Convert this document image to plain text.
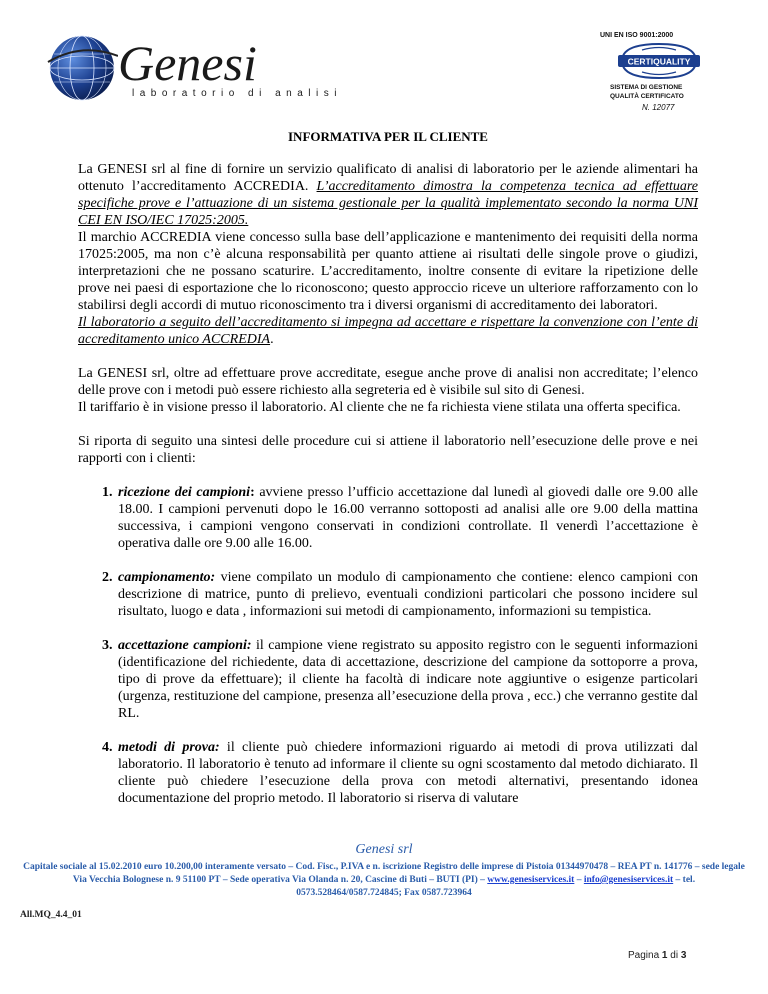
Genesi
laboratorio di analisi
UNI EN ISO 9001:2000
CERTIQUALITY
SISTEMA DI GESTIONE
QUALITÀ CERTIFICATO
N. 12077
INFORMATIVA PER IL CLIENTE

La GENESI srl al fine di fornire un servizio qualificato di analisi di laboratorio per le aziende alimentari ha ottenuto l’accreditamento ACCREDIA. L’accreditamento dimostra la competenza tecnica ad effettuare specifiche prove e l’attuazione di un sistema gestionale per la qualità implementato secondo la norma UNI CEI EN ISO/IEC 17025:2005.

Il marchio ACCREDIA viene concesso sulla base dell’applicazione e mantenimento dei requisiti della norma 17025:2005, ma non c’è alcuna responsabilità per quanto attiene ai risultati delle singole prove o giudizi, interpretazioni che ne possano scaturire. L’accreditamento, inoltre consente di evitare la ripetizione delle prove nei paesi di esportazione che lo riconoscono; questo approccio riceve un ulteriore rafforzamento con lo stabilirsi degli accordi di mutuo riconoscimento tra i diversi organismi di accreditamento dei laboratori.

Il laboratorio a seguito dell’accreditamento si impegna ad accettare e rispettare la convenzione con l’ente di accreditamento unico ACCREDIA.

La GENESI srl, oltre ad effettuare prove accreditate, esegue anche prove di analisi non accreditate; l’elenco delle prove con i metodi può essere richiesto alla segreteria ed è visibile sul sito di Genesi.

Il tariffario è in visione presso il laboratorio. Al cliente che ne fa richiesta viene stilata una offerta specifica.

Si riporta di seguito una sintesi delle procedure cui si attiene il laboratorio nell’esecuzione delle prove e nei rapporti con i clienti:

1. ricezione dei campioni: avviene presso l’ufficio accettazione dal lunedì al giovedi dalle ore 9.00 alle 18.00. I campioni pervenuti dopo le 16.00 verranno sottoposti ad analisi alle ore 9.00 della mattina successiva, i campioni vengono conservati in condizioni controllate. Il venerdì l’accettazione è operativa dalle ore 9.00 alle 16.00.
2. campionamento: viene compilato un modulo di campionamento che contiene: elenco campioni con descrizione di matrice, punto di prelievo, eventuali condizioni particolari che possono incidere sul risultato, luogo e data , informazioni sui metodi di campionamento, informazioni su tempistica.
3. accettazione campioni: il campione viene registrato su apposito registro con le seguenti informazioni (identificazione del richiedente, data di accettazione, descrizione del campione da sottoporre a prova, tipo di prove da effettuare); il cliente ha facoltà di indicare note aggiuntive o esigenze particolari (urgenza, restituzione del campione, presenza all’esecuzione della prova , ecc.) che verranno gestite dal RL.
4. metodi di prova: il cliente può chiedere informazioni riguardo ai metodi di prova utilizzati dal laboratorio. Il laboratorio è tenuto ad informare il cliente su ogni scostamento dal metodo dichiarato. Il cliente può chiedere l’esecuzione della prova con metodi alternativi, presentando idonea documentazione del proprio metodo. Il laboratorio si riserva di valutare
Genesi srl
Capitale sociale al 15.02.2010 euro 10.200,00 interamente versato – Cod. Fisc., P.IVA e n. iscrizione Registro delle imprese di Pistoia 01344970478 – REA PT n. 141776 – sede legale Via Vecchia Bolognese n. 9 51100 PT – Sede operativa Via Olanda n. 20, Cascine di Buti – BUTI (PI) – www.genesiservices.it – info@genesiservices.it – tel. 0573.528464/0587.724845; Fax 0587.723964
All.MQ_4.4_01
Pagina 1 di 3
